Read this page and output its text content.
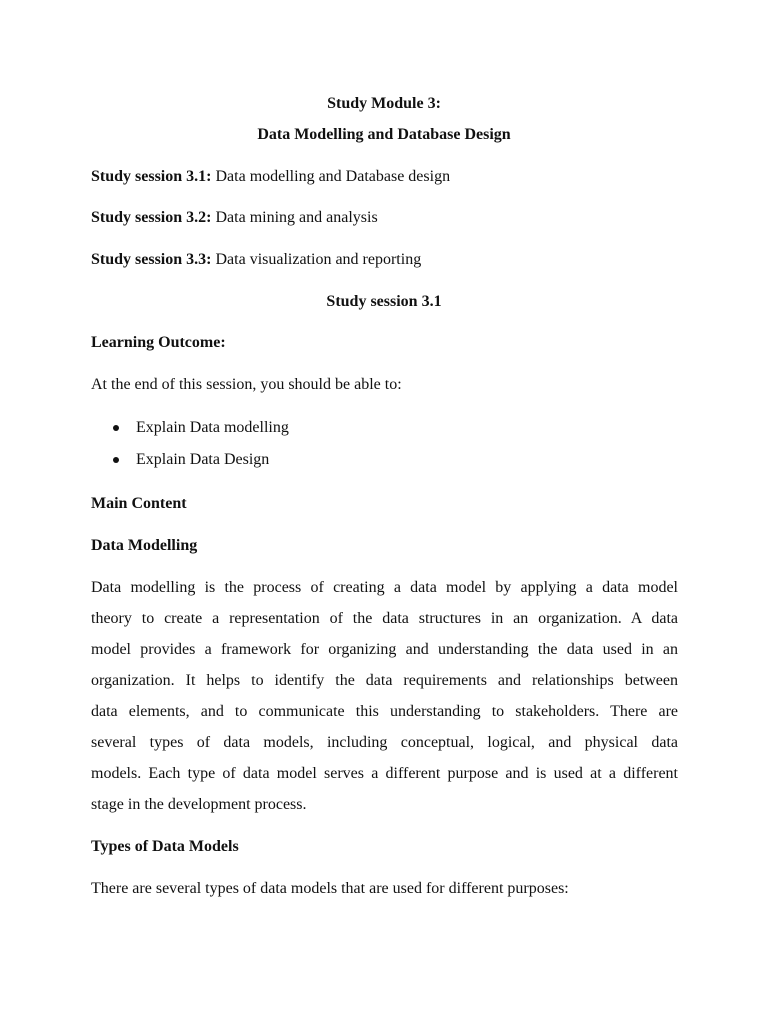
Study Module 3:
Data Modelling and Database Design
Study session 3.1: Data modelling and Database design
Study session 3.2: Data mining and analysis
Study session 3.3: Data visualization and reporting
Study session 3.1
Learning Outcome:
At the end of this session, you should be able to:
Explain Data modelling
Explain Data Design
Main Content
Data Modelling
Data modelling is the process of creating a data model by applying a data model
theory to create a representation of the data structures in an organization. A data
model provides a framework for organizing and understanding the data used in an
organization. It helps to identify the data requirements and relationships between
data elements, and to communicate this understanding to stakeholders. There are
several types of data models, including conceptual, logical, and physical data
models. Each type of data model serves a different purpose and is used at a different
stage in the development process.
Types of Data Models
There are several types of data models that are used for different purposes:
